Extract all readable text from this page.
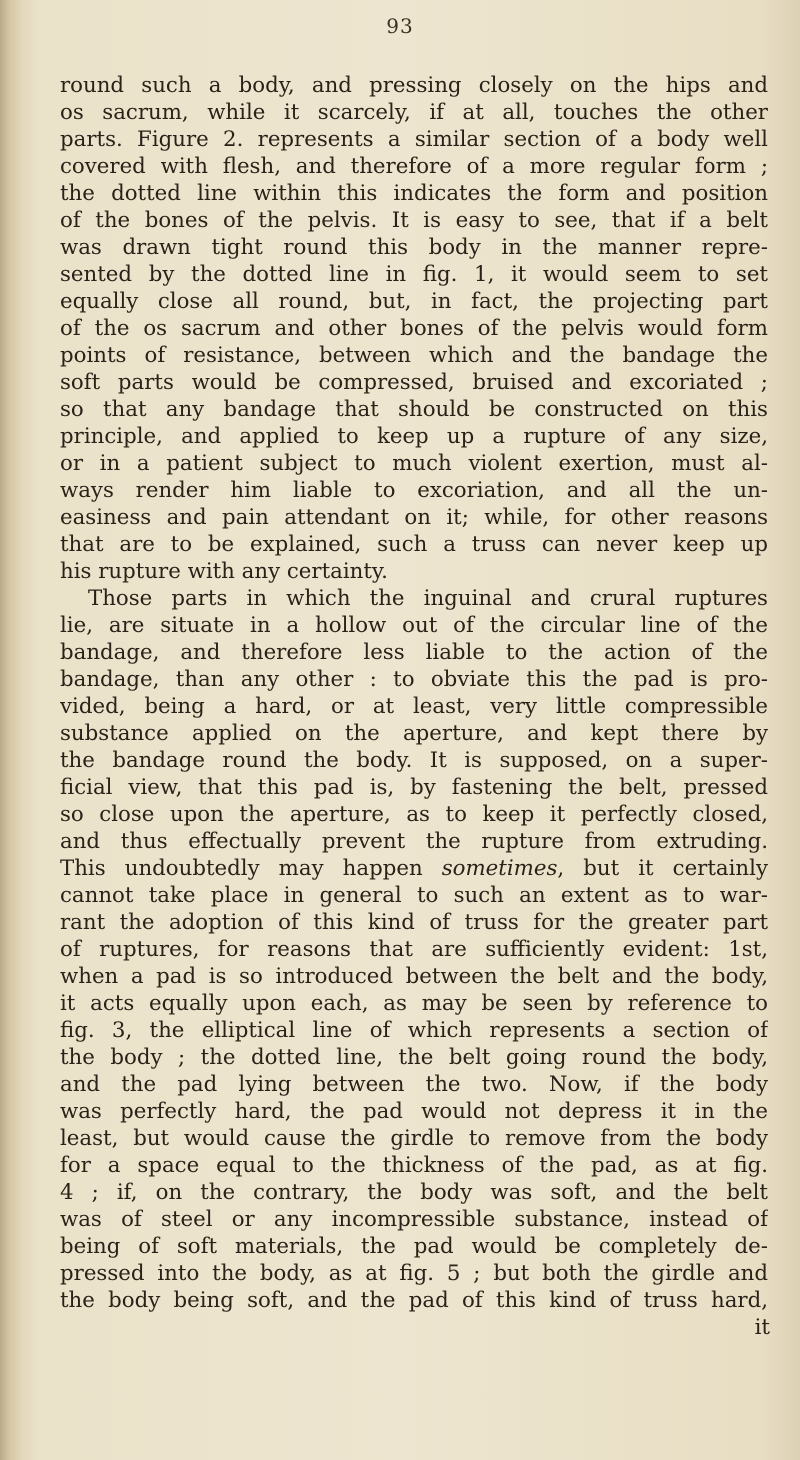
93
round such a body, and pressing closely on the hips and
os sacrum, while it scarcely, if at all, touches the other
parts. Figure 2. represents a similar section of a body well
covered with flesh, and therefore of a more regular form ;
the dotted line within this indicates the form and position
of the bones of the pelvis. It is easy to see, that if a belt
was drawn tight round this body in the manner repre-
sented by the dotted line in fig. 1, it would seem to set
equally close all round, but, in fact, the projecting part
of the os sacrum and other bones of the pelvis would form
points of resistance, between which and the bandage the
soft parts would be compressed, bruised and excoriated ;
so that any bandage that should be constructed on this
principle, and applied to keep up a rupture of any size,
or in a patient subject to much violent exertion, must al-
ways render him liable to excoriation, and all the un-
easiness and pain attendant on it; while, for other reasons
that are to be explained, such a truss can never keep up
his rupture with any certainty.
Those parts in which the inguinal and crural ruptures
lie, are situate in a hollow out of the circular line of the
bandage, and therefore less liable to the action of the
bandage, than any other : to obviate this the pad is pro-
vided, being a hard, or at least, very little compressible
substance applied on the aperture, and kept there by
the bandage round the body. It is supposed, on a super-
ficial view, that this pad is, by fastening the belt, pressed
so close upon the aperture, as to keep it perfectly closed,
and thus effectually prevent the rupture from extruding.
This undoubtedly may happen sometimes, but it certainly
cannot take place in general to such an extent as to war-
rant the adoption of this kind of truss for the greater part
of ruptures, for reasons that are sufficiently evident: 1st,
when a pad is so introduced between the belt and the body,
it acts equally upon each, as may be seen by reference to
fig. 3, the elliptical line of which represents a section of
the body ; the dotted line, the belt going round the body,
and the pad lying between the two. Now, if the body
was perfectly hard, the pad would not depress it in the
least, but would cause the girdle to remove from the body
for a space equal to the thickness of the pad, as at fig.
4 ; if, on the contrary, the body was soft, and the belt
was of steel or any incompressible substance, instead of
being of soft materials, the pad would be completely de-
pressed into the body, as at fig. 5 ; but both the girdle and
the body being soft, and the pad of this kind of truss hard,
it
